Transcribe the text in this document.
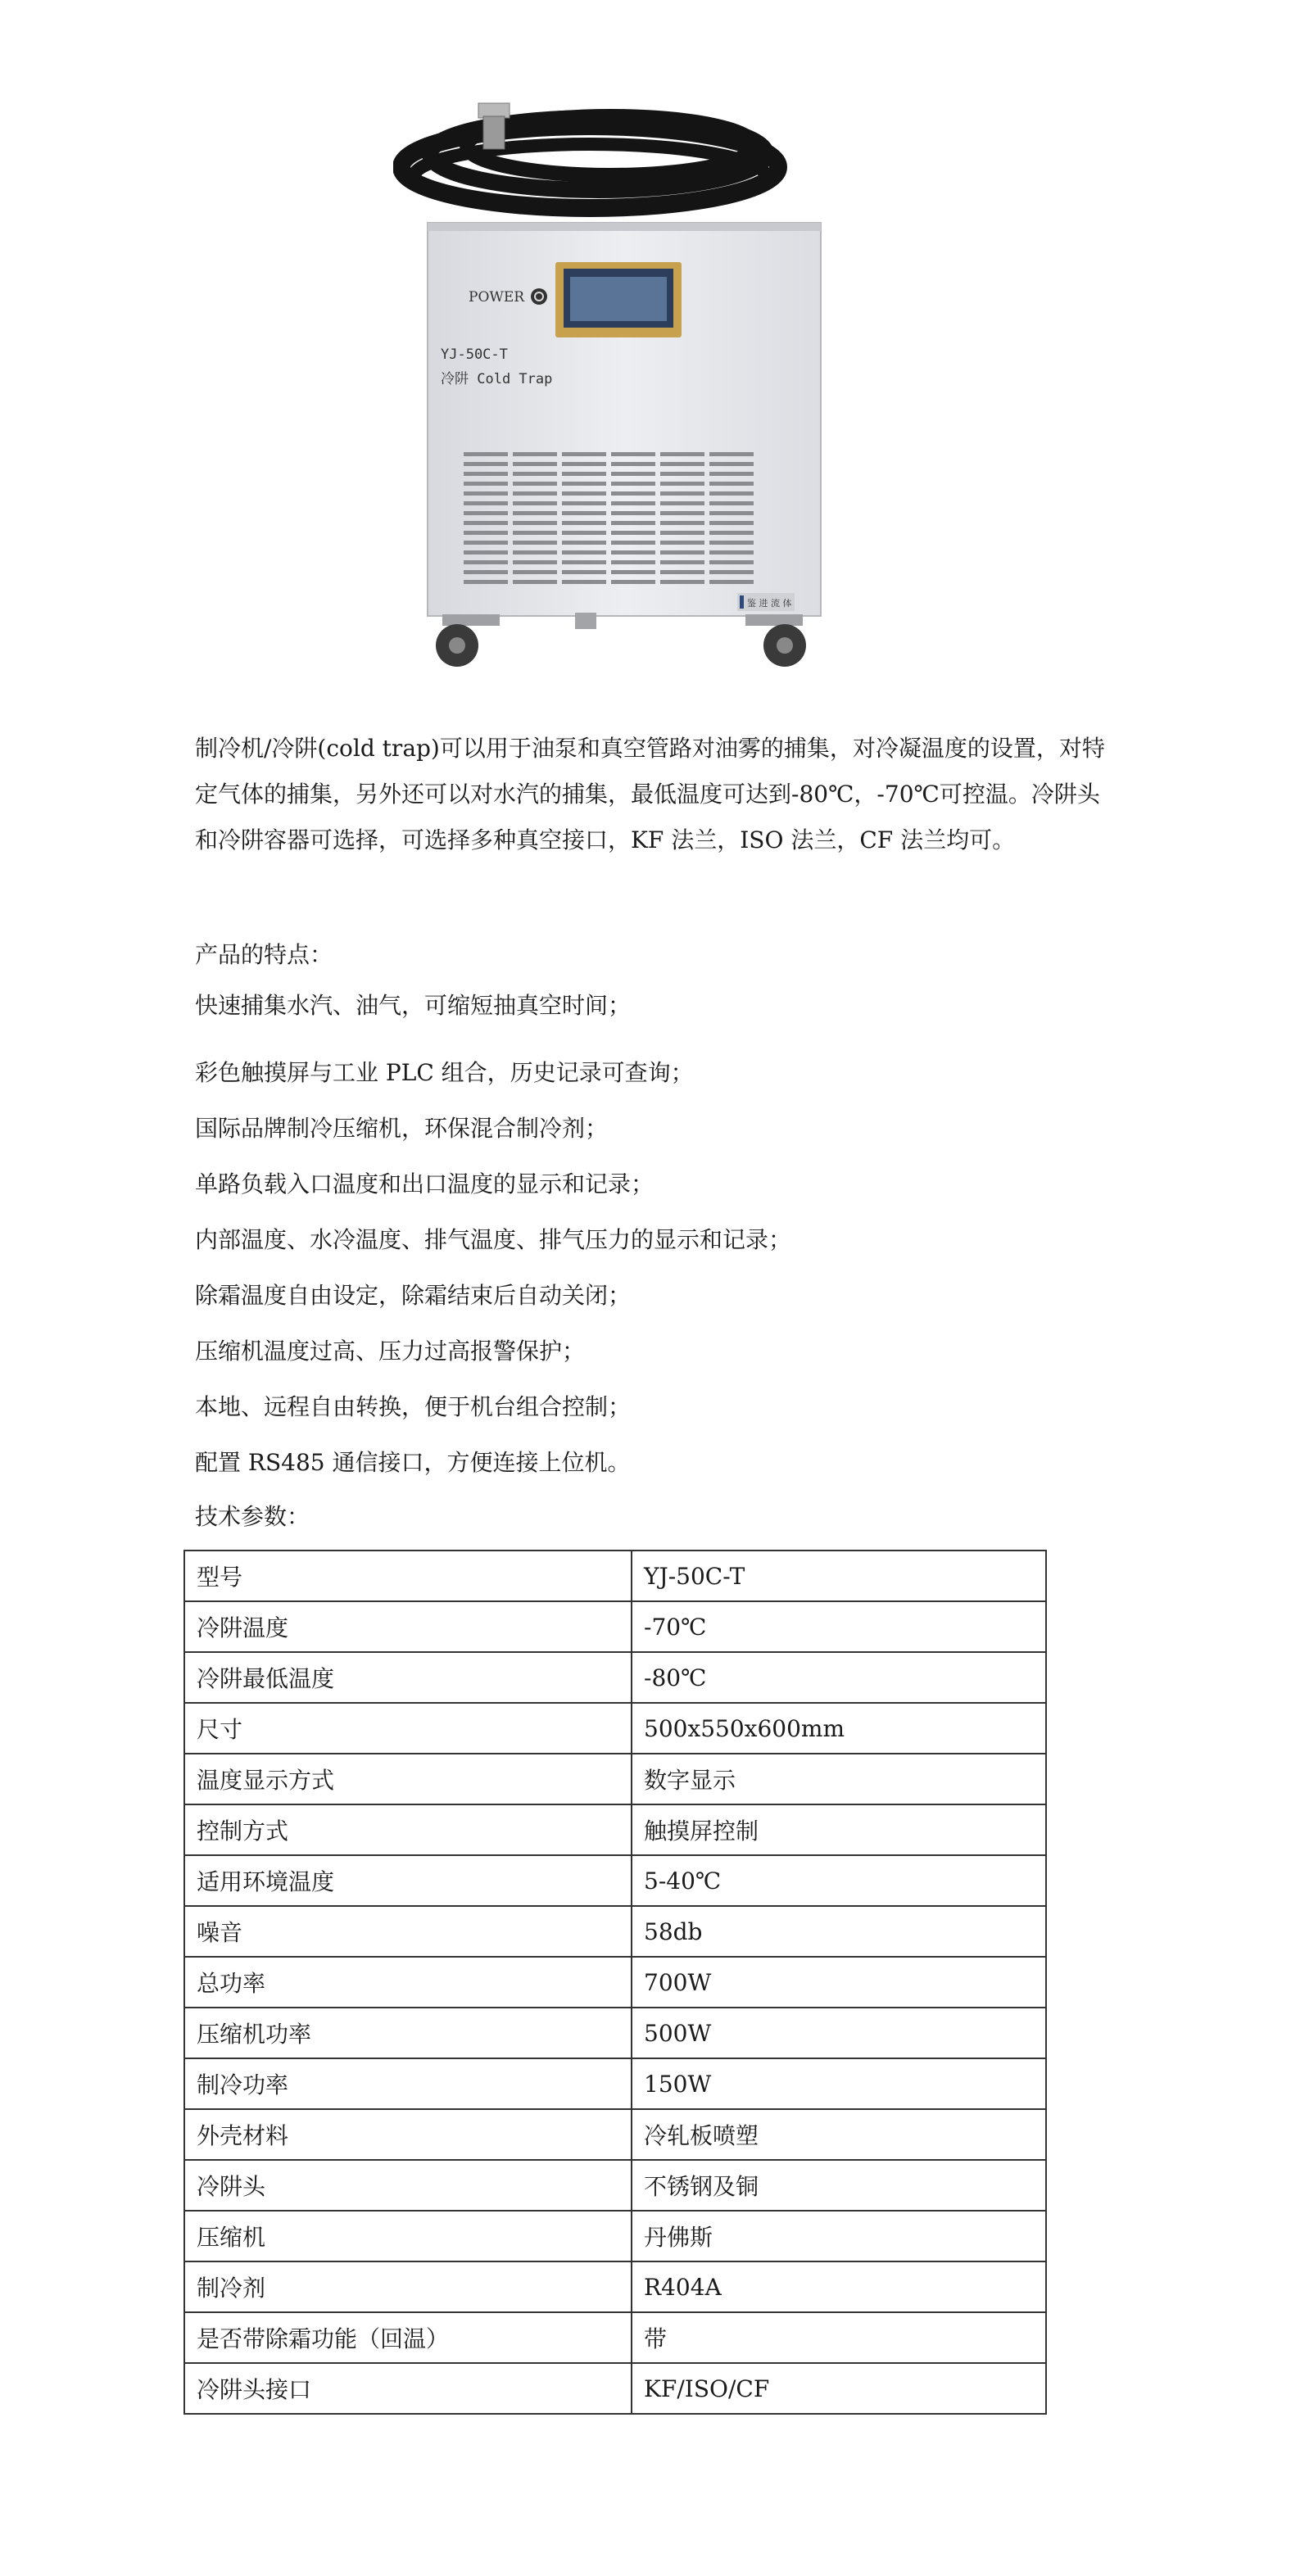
POWER
YJ-50C-T
冷阱 Cold Trap
鉴 进 流 体

制冷机/冷阱(cold trap)可以用于油泵和真空管路对油雾的捕集，对冷凝温度的设置，对特定气体的捕集，另外还可以对水汽的捕集，最低温度可达到-80℃，-70℃可控温。冷阱头和冷阱容器可选择，可选择多种真空接口，KF 法兰，ISO 法兰，CF 法兰均可。

产品的特点：

快速捕集水汽、油气，可缩短抽真空时间；

彩色触摸屏与工业 PLC 组合，历史记录可查询；

国际品牌制冷压缩机，环保混合制冷剂；

单路负载入口温度和出口温度的显示和记录；

内部温度、水冷温度、排气温度、排气压力的显示和记录；

除霜温度自由设定，除霜结束后自动关闭；

压缩机温度过高、压力过高报警保护；

本地、远程自由转换，便于机台组合控制；

配置 RS485 通信接口，方便连接上位机。

技术参数：

型号	YJ-50C-T
冷阱温度	-70℃
冷阱最低温度	-80℃
尺寸	500x550x600mm
温度显示方式	数字显示
控制方式	触摸屏控制
适用环境温度	5-40℃
噪音	58db
总功率	700W
压缩机功率	500W
制冷功率	150W
外壳材料	冷轧板喷塑
冷阱头	不锈钢及铜
压缩机	丹佛斯
制冷剂	R404A
是否带除霜功能（回温）	带
冷阱头接口	KF/ISO/CF
